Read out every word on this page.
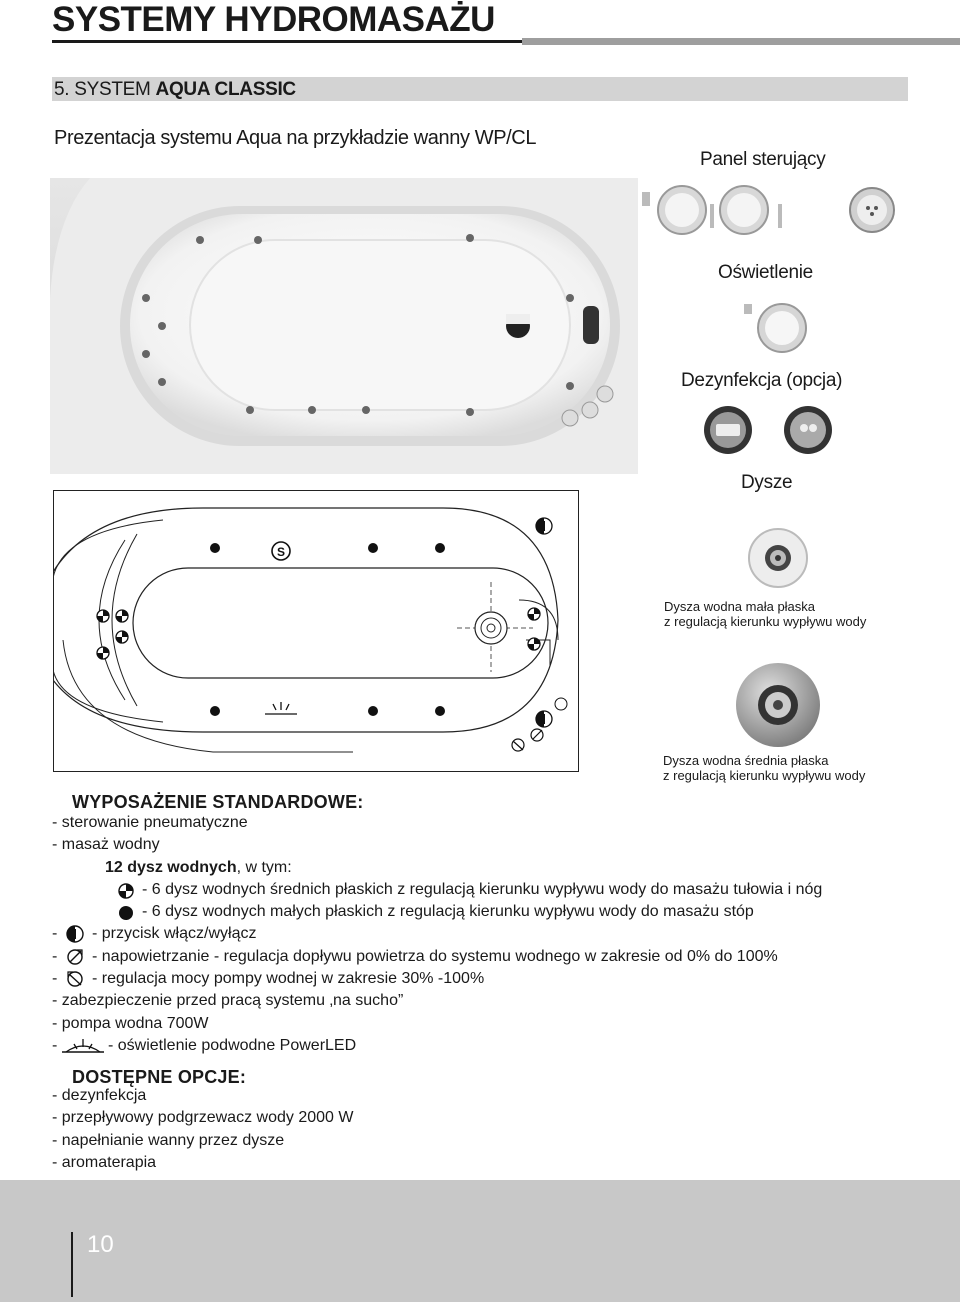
SYSTEMY HYDROMASAŻU
5. SYSTEM AQUA CLASSIC
Prezentacja systemu Aqua na przykładzie wanny WP/CL
Panel sterujący
Oświetlenie
Dezynfekcja (opcja)
Dysze
Dysza wodna mała płaska
z regulacją kierunku wypływu wody
Dysza wodna średnia płaska
z regulacją kierunku wypływu wody
S
WYPOSAŻENIE STANDARDOWE:
- sterowanie pneumatyczne
- masaż wodny
12 dysz wodnych, w tym:
- 6 dysz wodnych średnich płaskich z regulacją kierunku wypływu wody do masażu tułowia i nóg
- 6 dysz wodnych małych płaskich z regulacją kierunku wypływu wody do masażu stóp
- - przycisk włącz/wyłącz
- - napowietrzanie - regulacja dopływu powietrza do systemu wodnego w zakresie od 0% do 100%
- - regulacja mocy pompy wodnej w zakresie 30% -100%
- zabezpieczenie przed pracą systemu ‚na sucho”
- pompa wodna 700W
-	- oświetlenie podwodne PowerLED
DOSTĘPNE OPCJE:
- dezynfekcja
- przepływowy podgrzewacz wody 2000 W
- napełnianie wanny przez dysze
- aromaterapia
10
